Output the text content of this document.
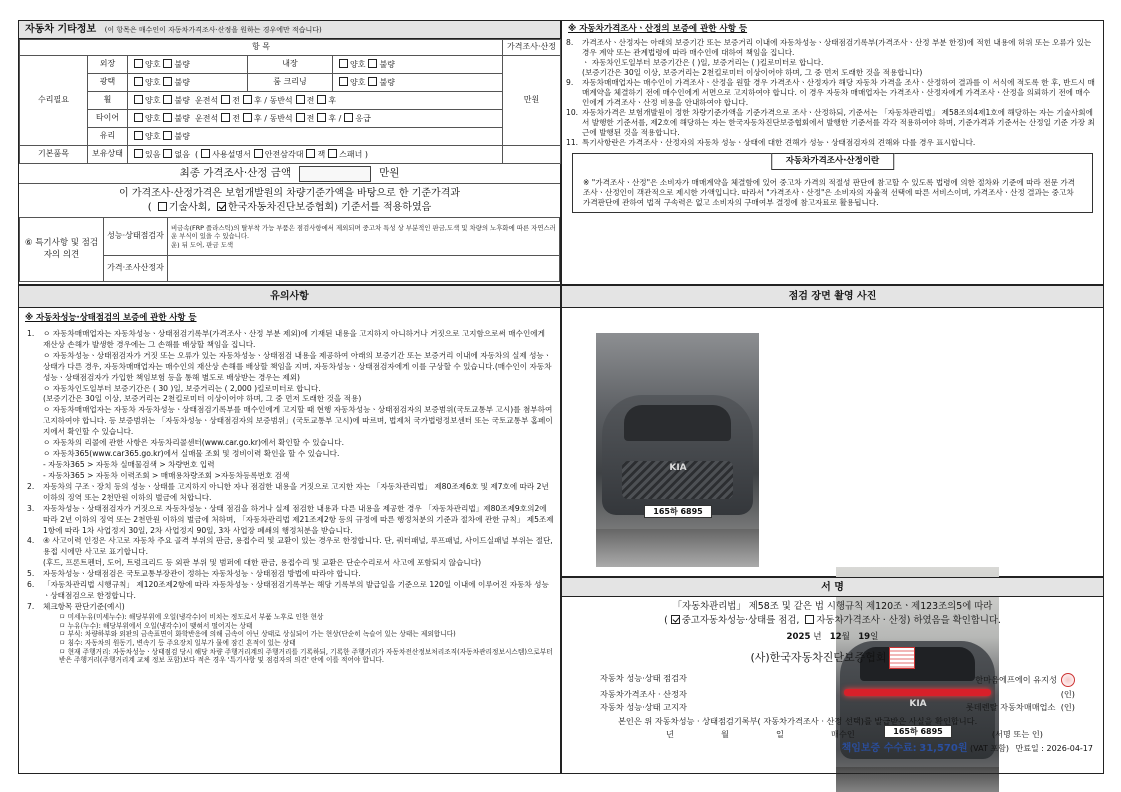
자동차 기타정보 (이 항목은 매수인이 자동차가격조사·산정을 원하는 경우에만 적습니다)
항 목					가격조사·산정
수리필요	외장	양호 불량	내장	양호 불량	만원
	광택	양호 불량	룸 크리닝	양호 불량	
	휠	양호 불량 운전석 전 후 / 동반석 전 후			
	타이어	양호 불량 운전석 전 후 / 동반석 전 후 / 응급			
	유리	양호 불량			
기본품목	보유상태	있음 없음 ( 사용설명서 안전삼각대 잭 스패너 )			
최종 가격조사·산정 금액	만원
이 가격조사·산정가격은 보험개발원의 차량기준가액을 바탕으로 한 기준가격과
( 기술사회, 한국자동차진단보증협회) 기준서를 적용하였음
⑥ 특기사항 및 점검자의 의견	성능·상태점검자	비금속(FRP 플라스틱)의 탈부착 가능 부품은 점검사항에서 제외되며 중고차 특성 상 부분적인 판금,도색 및 차량의 노후화에 따른 자연스러운 부식이 있을 수 있습니다.
운) 뒤 도어, 판금 도색

	가격·조사산정자	
※ 자동차가격조사ㆍ산정의 보증에 관한 사항 등
8. 가격조사ㆍ산정자는 아래의 보증기간 또는 보증거리 이내에 자동차성능ㆍ상태점검기록부(가격조사ㆍ산정 부분 한정)에 적힌 내용에 허위 또는 오류가 있는 경우 계약 또는 관계법령에 따라 매수인에 대하여 책임을 집니다.
ㆍ 자동차인도일부터 보증기간은 ( )일, 보증거리는 ( )킬로미터로 합니다.
(보증기간은 30일 이상, 보증거리는 2천킬로미터 이상이어야 하며, 그 중 먼저 도래한 것을 적용합니다)
9. 자동차매매업자는 매수인이 가격조사ㆍ산정을 원할 경우 가격조사ㆍ산정자가 해당 자동차 가격을 조사ㆍ산정하여 결과를 이 서식에 적도록 한 후, 반드시 매매계약을 체결하기 전에 매수인에게 서면으로 고지하여야 합니다. 이 경우 자동차 매매업자는 가격조사ㆍ산정자에게 가격조사ㆍ산정을 의뢰하기 전에 매수인에게 가격조사ㆍ산정 비용을 안내하여야 합니다.
10. 자동차가격은 보험개발원이 정한 차량기준가액을 기준가격으로 조사ㆍ산정하되, 기준서는 「자동차관리법」 제58조의4제1호에 해당하는 자는 기술사회에서 발행한 기준서를, 제2호에 해당하는 자는 한국자동차진단보증협회에서 발행한 기준서를 각각 적용하여야 하며, 기준가격과 기준서는 산정일 기준 가장 최근에 발행된 것을 적용합니다.
11. 특기사항란은 가격조사ㆍ산정자의 자동차 성능ㆍ상태에 대한 견해가 성능ㆍ상태점검자의 견해와 다를 경우 표시합니다.
자동차가격조사·산정이란
※ "가격조사ㆍ산정"은 소비자가 매매계약을 체결함에 있어 중고차 가격의 적절성 판단에 참고할 수 있도록 법령에 의한 절차와 기준에 따라 전문 가격조사ㆍ산정인이 객관적으로 제시한 가액입니다. 따라서 "가격조사ㆍ산정"은 소비자의 자율적 선택에 따른 서비스이며, 가격조사ㆍ산정 결과는 중고차 가격판단에 관하여 법적 구속력은 없고 소비자의 구매여부 결정에 참고자료로 활용됩니다.
유의사항
※ 자동차성능·상태점검의 보증에 관한 사항 등
1. ㅇ 자동차매매업자는 자동차성능ㆍ상태점검기록부(가격조사ㆍ산정 부분 제외)에 기재된 내용을 고지하지 아니하거나 거짓으로 고지함으로써 매수인에게 재산상 손해가 발생한 경우에는 그 손해를 배상할 책임을 집니다.
ㅇ 자동차성능ㆍ상태점검자가 거짓 또는 오류가 있는 자동차성능ㆍ상태점검 내용을 제공하여 아래의 보증기간 또는 보증거리 이내에 자동차의 실제 성능ㆍ상태가 다른 경우, 자동차매매업자는 매수인의 재산상 손해를 배상할 책임을 지며, 자동차성능ㆍ상태점검자에게 이를 구상할 수 있습니다.(매수인이 자동차성능ㆍ상태점검자가 가입한 책임보험 등을 통해 별도로 배상받는 경우는 제외)
ㅇ 자동차인도일부터 보증기간은 ( 30 )일, 보증거리는 ( 2,000 )킬로미터로 합니다.
(보증기간은 30일 이상, 보증거리는 2천킬로미터 이상이어야 하며, 그 중 먼저 도래한 것을 적용)
ㅇ 자동차매매업자는 자동차 자동차성능ㆍ상태점검기록부를 매수인에게 고지할 때 현행 자동차성능ㆍ상태점검자의 보증범위(국토교통부 고시)를 첨부하여 고지하여야 합니다. 등 보증범위는 「자동차성능ㆍ상태점검자의 보증범위」(국토교통부 고시)에 따르며, 법제처 국가법령정보센터 또는 국토교통부 홈페이지에서 확인할 수 있습니다.
ㅇ 자동차의 리콜에 관한 사항은 자동차리콜센터(www.car.go.kr)에서 확인할 수 있습니다.
ㅇ 자동차365(www.car365.go.kr)에서 실매물 조회 및 정비이력 확인을 할 수 있습니다.
- 자동차365 > 자동차 실매물검색 > 차량번호 입력
- 자동차365 > 자동차 이력조회 > 매매용차량조회 >자동차등록번호 검색
2. 자동차의 구조ㆍ장치 등의 성능ㆍ상태를 고지하지 아니한 자나 점검한 내용을 거짓으로 고지한 자는 「자동차관리법」 제80조제6호 및 제7호에 따라 2년 이하의 징역 또는 2천만원 이하의 벌금에 처합니다.
3. 자동차성능ㆍ상태점검자가 거짓으로 자동차성능ㆍ상태 점검을 하거나 실제 점검한 내용과 다른 내용을 제공한 경우 「자동차관리법」제80조제9호의2에 따라 2년 이하의 징역 또는 2천만원 이하의 벌금에 처하며, 「자동차관리법 제21조제2항 등의 규정에 따른 행정처분의 기준과 절차에 관한 규칙」 제5조제1항에 따라 1차 사업정지 30일, 2차 사업정지 90일, 3차 사업장 폐쇄의 행정처분을 받습니다.
4. ④ 사고이력 인정은 사고로 자동차 주요 골격 부위의 판금, 용접수리 및 교환이 있는 경우로 한정합니다. 단, 쿼터패널, 루프패널, 사이드실패널 부위는 절단, 용접 시에만 사고로 표기합니다.
(후드, 프론트펜더, 도어, 트렁크리드 등 외판 부위 및 범퍼에 대한 판금, 용접수리 및 교환은 단순수리로서 사고에 포함되지 않습니다)
5. 자동차성능ㆍ상태점검은 국토교통부장관이 정하는 자동차성능ㆍ상태점검 방법에 따라야 합니다.
6. 「자동차관리법 시행규칙」 제120조제2항에 따라 자동차성능ㆍ상태점검기록부는 해당 기록부의 발급일을 기준으로 120일 이내에 이루어진 자동차 성능ㆍ상태점검으로 한정합니다.
7. 체크항목 판단기준(예시)
ㅁ 미세누유(미세누수): 해당부위에 오일(냉각수)이 비치는 정도로서 부품 노후로 인한 현상
ㅁ 누유(누수): 해당부위에서 오일(냉각수)이 맺혀서 떨어지는 상태
ㅁ 부식: 차량하부와 외판의 금속표면이 화학반응에 의해 금속이 아닌 상태로 상실되어 가는 현상(단순히 녹슬어 있는 상태는 제외합니다)
ㅁ 침수: 자동차의 원동기, 변속기 등 주요장치 일부가 물에 잠긴 흔적이 있는 상태
ㅁ 현재 주행거리: 자동차성능ㆍ상태점검 당시 해당 차량 주행거리계의 주행거리를 기록하되, 기록한 주행거리가 자동차전산정보처리조직(자동차관리정보시스템)으로부터 받은 주행거리(주행거리계 교체 정보 포함)보다 적은 경우 '특기사항 및 점검자의 의견' 란에 이를 적어야 합니다.
점검 장면 촬영 사진
KIA
165하 6895
KIA
165하 6895
서 명
「자동차관리법」 제58조 및 같은 법 시행규칙 제120조ㆍ제123조의5에 따라
( 중고자동차성능·상태를 점검, 자동차가격조사 · 산정) 하였음을 확인합니다.
2025 년 12월 19일
(사)한국자동차진단보증협회
자동차 성능·상태 점검자	한마음에프에이 유지성
자동차가격조사 · 산정자	(인)
자동차 성능·상태 고지자	롯데렌탈 자동차매매업소 (인)
본인은 위 자동차성능 · 상태점검기록부( 자동차가격조사 · 산정 선택)를 발급받은 사실을 확인합니다.
년	월	일	매수인	(서명 또는 인)
책임보증 수수료: 31,570원 (VAT 포함) 만료일 : 2026-04-17
